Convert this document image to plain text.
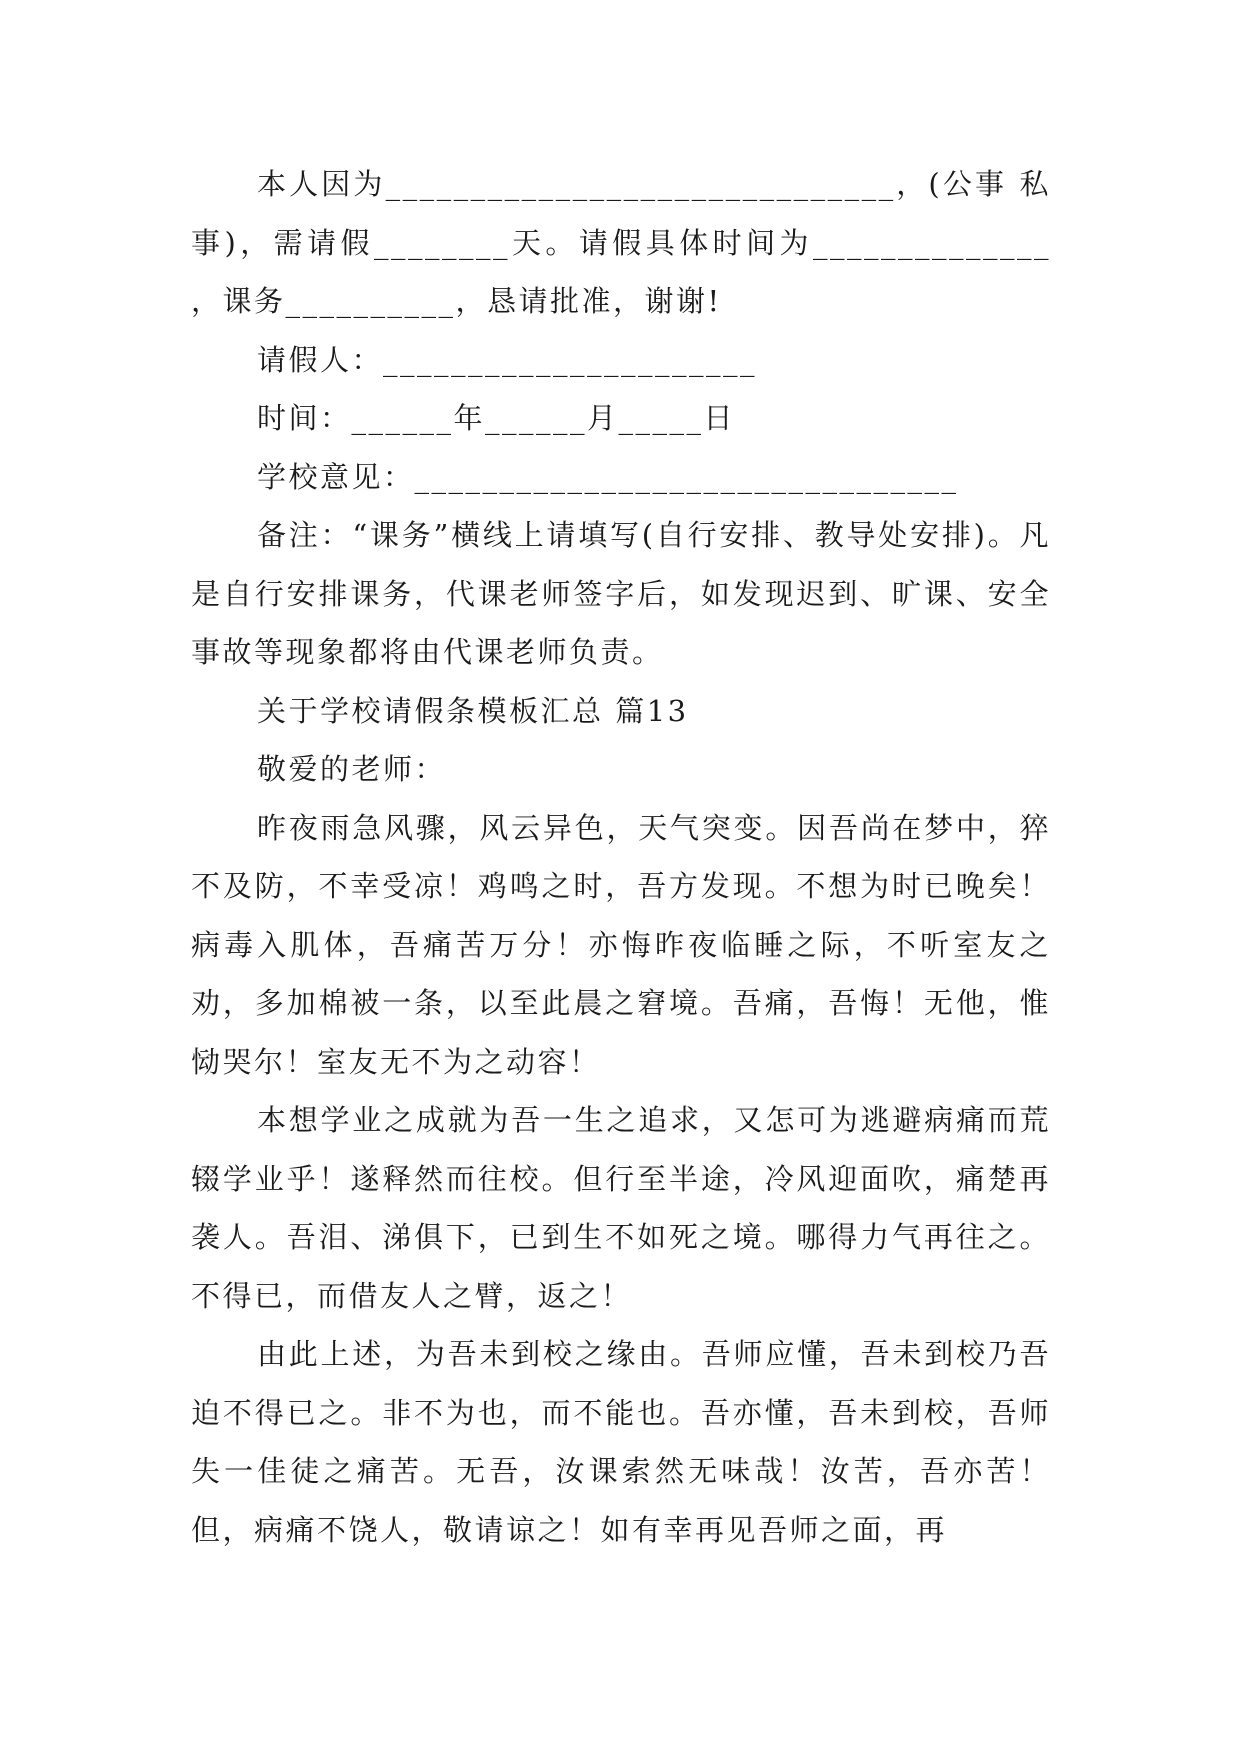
本人因为______________________________，(公事 私事)，需请假________天。请假具体时间为______________ ，课务__________，恳请批准，谢谢!

请假人：______________________

时间：______年______月_____日

学校意见：________________________________

备注：“课务”横线上请填写(自行安排、教导处安排)。凡是自行安排课务，代课老师签字后，如发现迟到、旷课、安全事故等现象都将由代课老师负责。

关于学校请假条模板汇总 篇13

敬爱的老师：

昨夜雨急风骤，风云异色，天气突变。因吾尚在梦中，猝不及防，不幸受凉！鸡鸣之时，吾方发现。不想为时已晚矣！病毒入肌体，吾痛苦万分！亦悔昨夜临睡之际，不听室友之劝，多加棉被一条，以至此晨之窘境。吾痛，吾悔！无他，惟恸哭尔！室友无不为之动容！

本想学业之成就为吾一生之追求，又怎可为逃避病痛而荒辍学业乎！遂释然而往校。但行至半途，冷风迎面吹，痛楚再袭人。吾泪、涕俱下，已到生不如死之境。哪得力气再往之。不得已，而借友人之臂，返之！

由此上述，为吾未到校之缘由。吾师应懂，吾未到校乃吾迫不得已之。非不为也，而不能也。吾亦懂，吾未到校，吾师失一佳徒之痛苦。无吾，汝课索然无味哉！汝苦，吾亦苦！但，病痛不饶人，敬请谅之！如有幸再见吾师之面，再
